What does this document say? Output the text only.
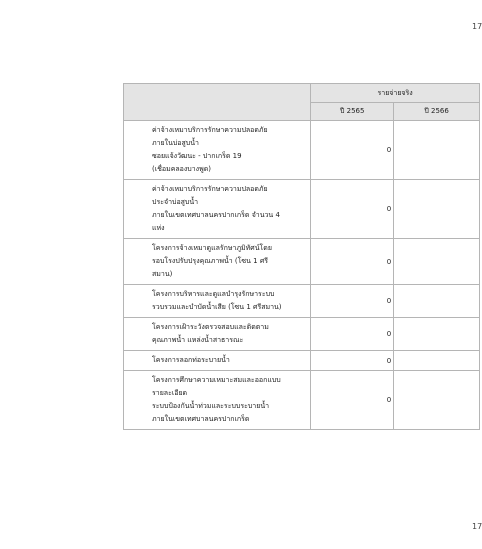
17
	รายจ่ายจริง	
	ปี 2565	ปี 2566
ค่าจ้างเหมาบริการรักษาความปลอดภัย
ภายในบ่อสูบน้ำ
ซอยแจ้งวัฒนะ - ปากเกร็ด 19
(เชื่อมคลองบางพูด)	0	
ค่าจ้างเหมาบริการรักษาความปลอดภัย
ประจำบ่อสูบน้ำ
ภายในเขตเทศบาลนครปากเกร็ด จำนวน 4
แห่ง	0	
โครงการจ้างเหมาดูแลรักษาภูมิทัศน์โดย
รอบโรงปรับปรุงคุณภาพน้ำ (โซน 1 ศรี
สมาน)	0	
โครงการบริหารและดูแลบำรุงรักษาระบบ
รวบรวมและบำบัดน้ำเสีย (โซน 1 ศรีสมาน)	0	
โครงการเฝ้าระวังตรวจสอบและติดตาม
คุณภาพน้ำ แหล่งน้ำสาธารณะ	0	
โครงการลอกท่อระบายน้ำ	0	
โครงการศึกษาความเหมาะสมและออกแบบ
รายละเอียด
ระบบป้องกันน้ำท่วมและระบบระบายน้ำ
ภายในเขตเทศบาลนครปากเกร็ด	0	
17
